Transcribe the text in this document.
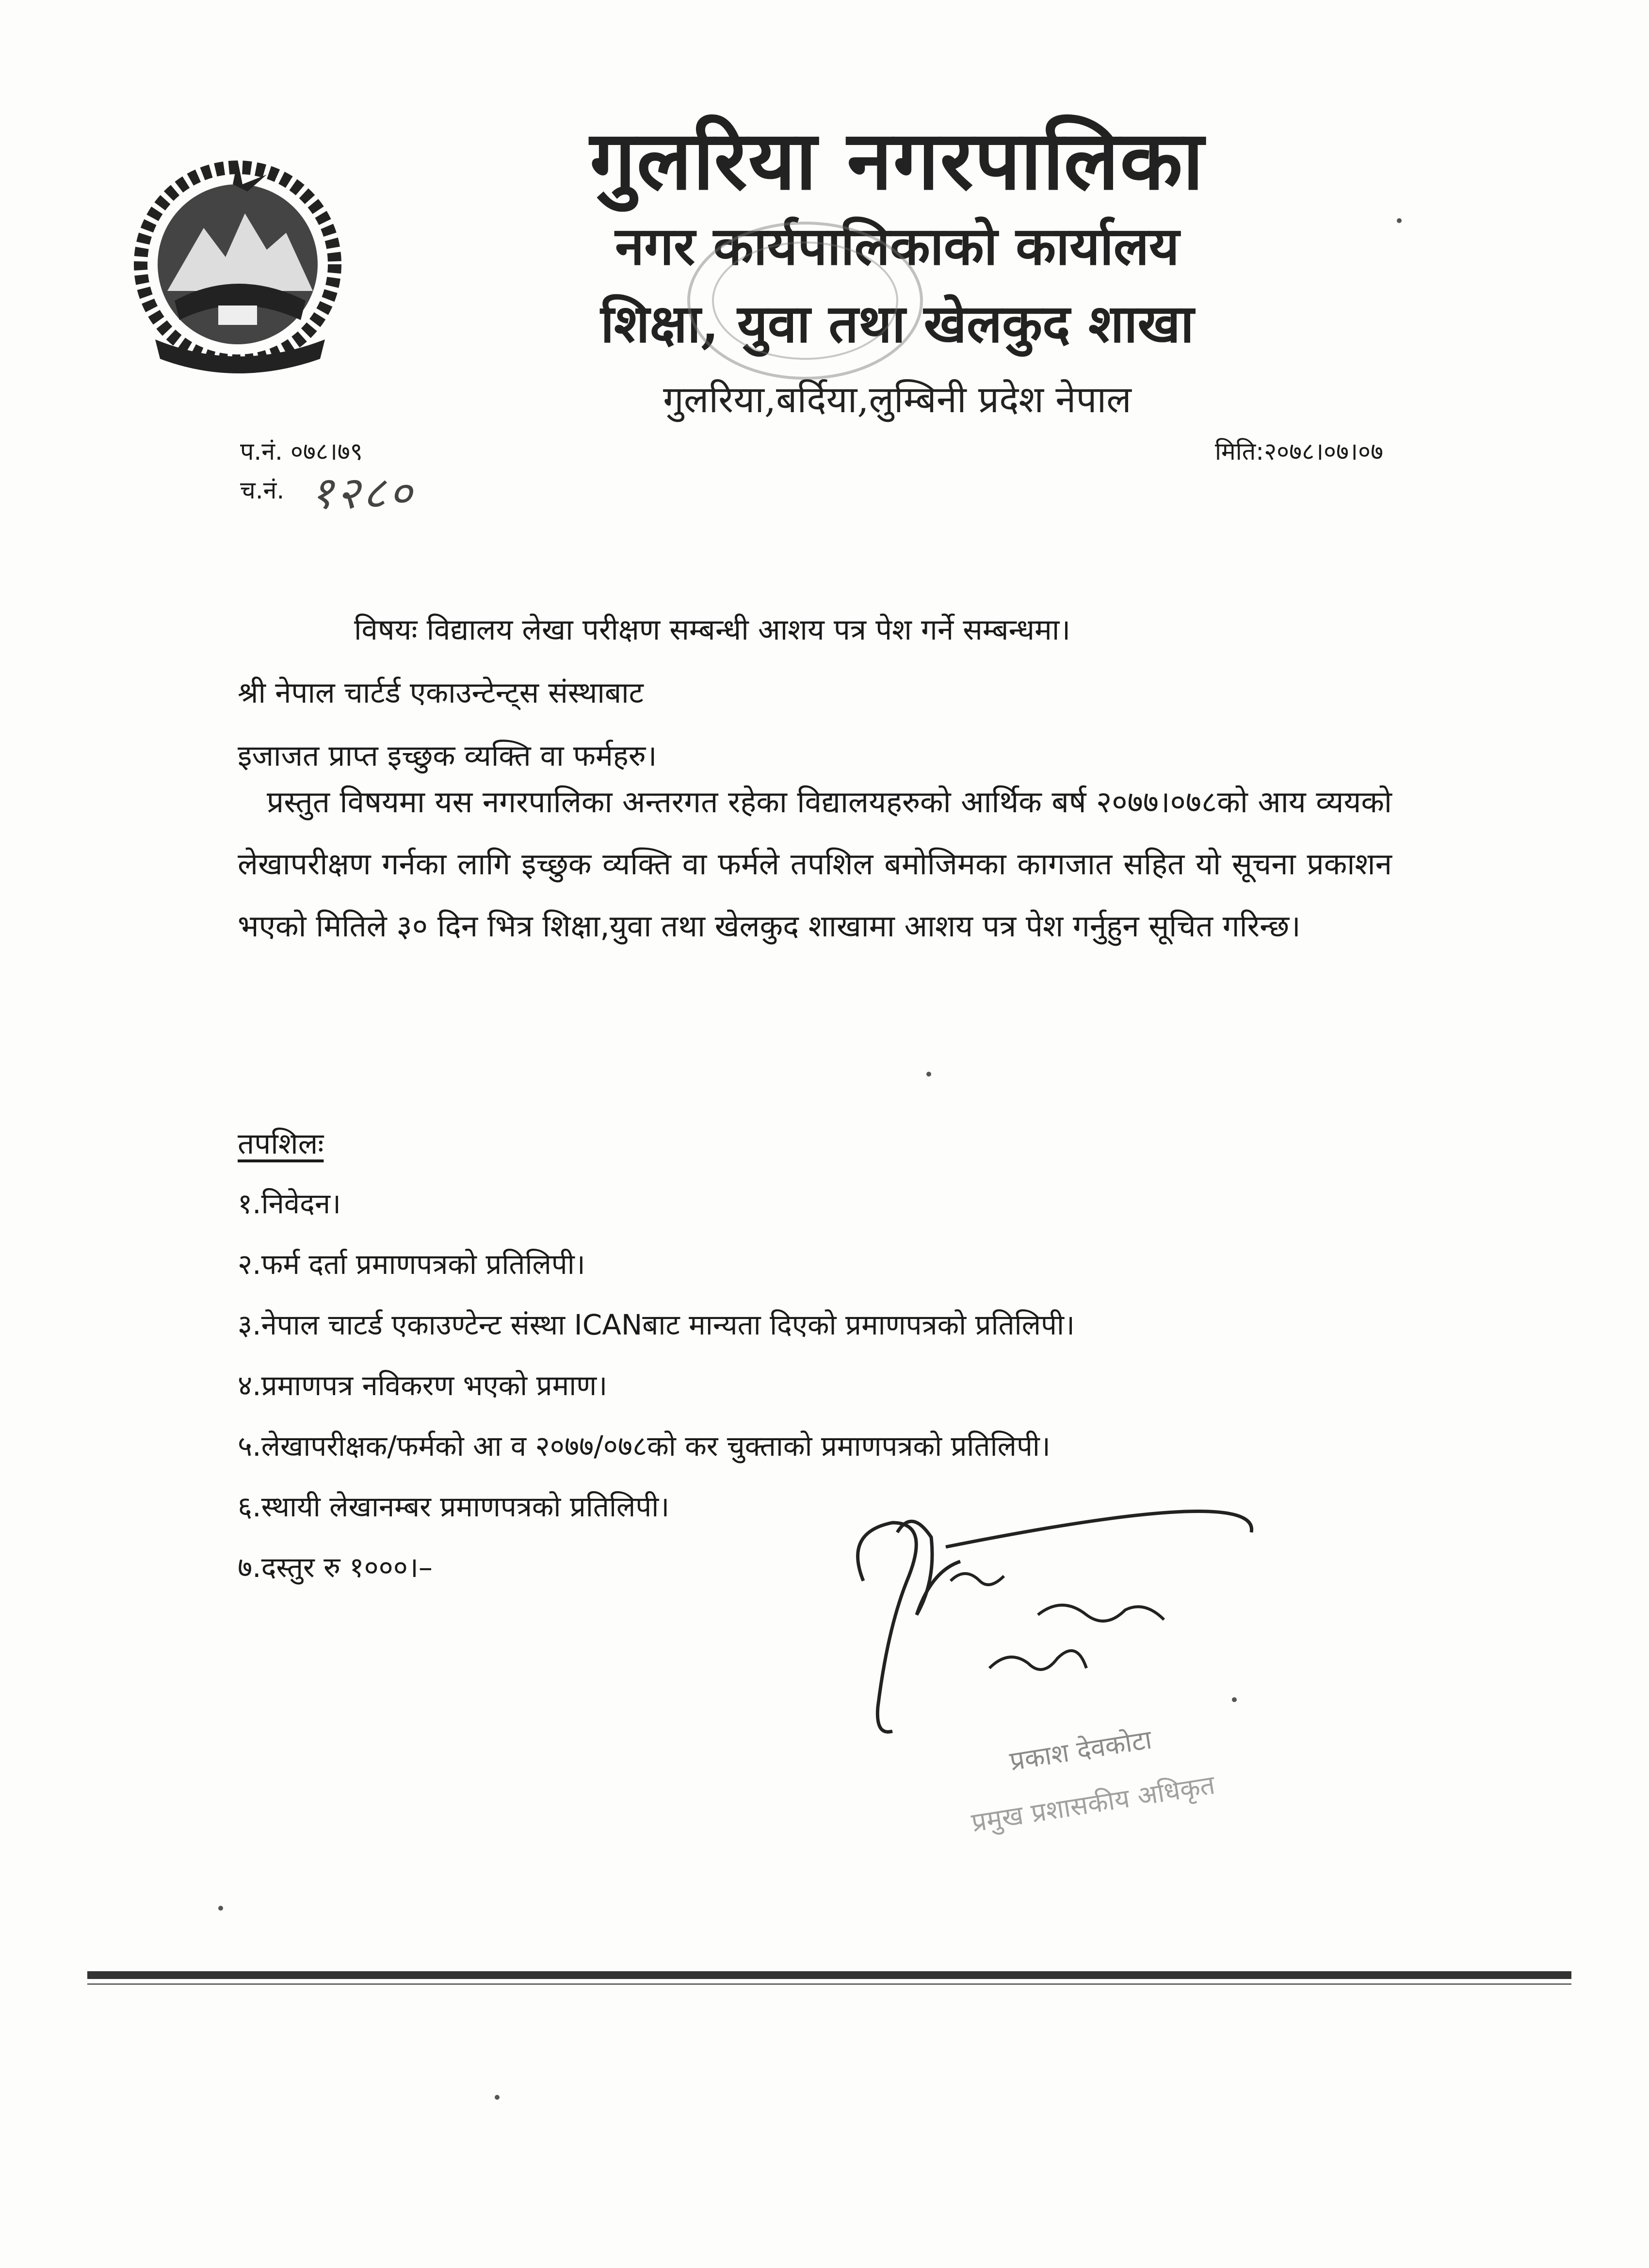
गुलरिया नगरपालिका
नगर कार्यपालिकाको कार्यालय
शिक्षा, युवा तथा खेलकुद शाखा
गुलरिया,बर्दिया,लुम्बिनी प्रदेश नेपाल
प.नं. ०७८।७९
च.नं. १२८०
मिति:२०७८।०७।०७
विषयः विद्यालय लेखा परीक्षण सम्बन्धी आशय पत्र पेश गर्ने सम्बन्धमा।
श्री नेपाल चार्टर्ड एकाउन्टेन्ट्स संस्थाबाट
इजाजत प्राप्त इच्छुक व्यक्ति वा फर्महरु।
प्रस्तुत विषयमा यस नगरपालिका अन्तरगत रहेका विद्यालयहरुको आर्थिक बर्ष २०७७।०७८को आय व्ययको लेखापरीक्षण गर्नका लागि इच्छुक व्यक्ति वा फर्मले तपशिल बमोजिमका कागजात सहित यो सूचना प्रकाशन भएको मितिले ३० दिन भित्र शिक्षा,युवा तथा खेलकुद शाखामा आशय पत्र पेश गर्नुहुन सूचित गरिन्छ।
तपशिलः
१.निवेदन।
२.फर्म दर्ता प्रमाणपत्रको प्रतिलिपी।
३.नेपाल चाटर्ड एकाउण्टेन्ट संस्था ICANबाट मान्यता दिएको प्रमाणपत्रको प्रतिलिपी।
४.प्रमाणपत्र नविकरण भएको प्रमाण।
५.लेखापरीक्षक/फर्मको आ व २०७७/०७८को कर चुक्ताको प्रमाणपत्रको प्रतिलिपी।
६.स्थायी लेखानम्बर प्रमाणपत्रको प्रतिलिपी।
७.दस्तुर रु १०००।–
प्रकाश देवकोटा
प्रमुख प्रशासकीय अधिकृत
